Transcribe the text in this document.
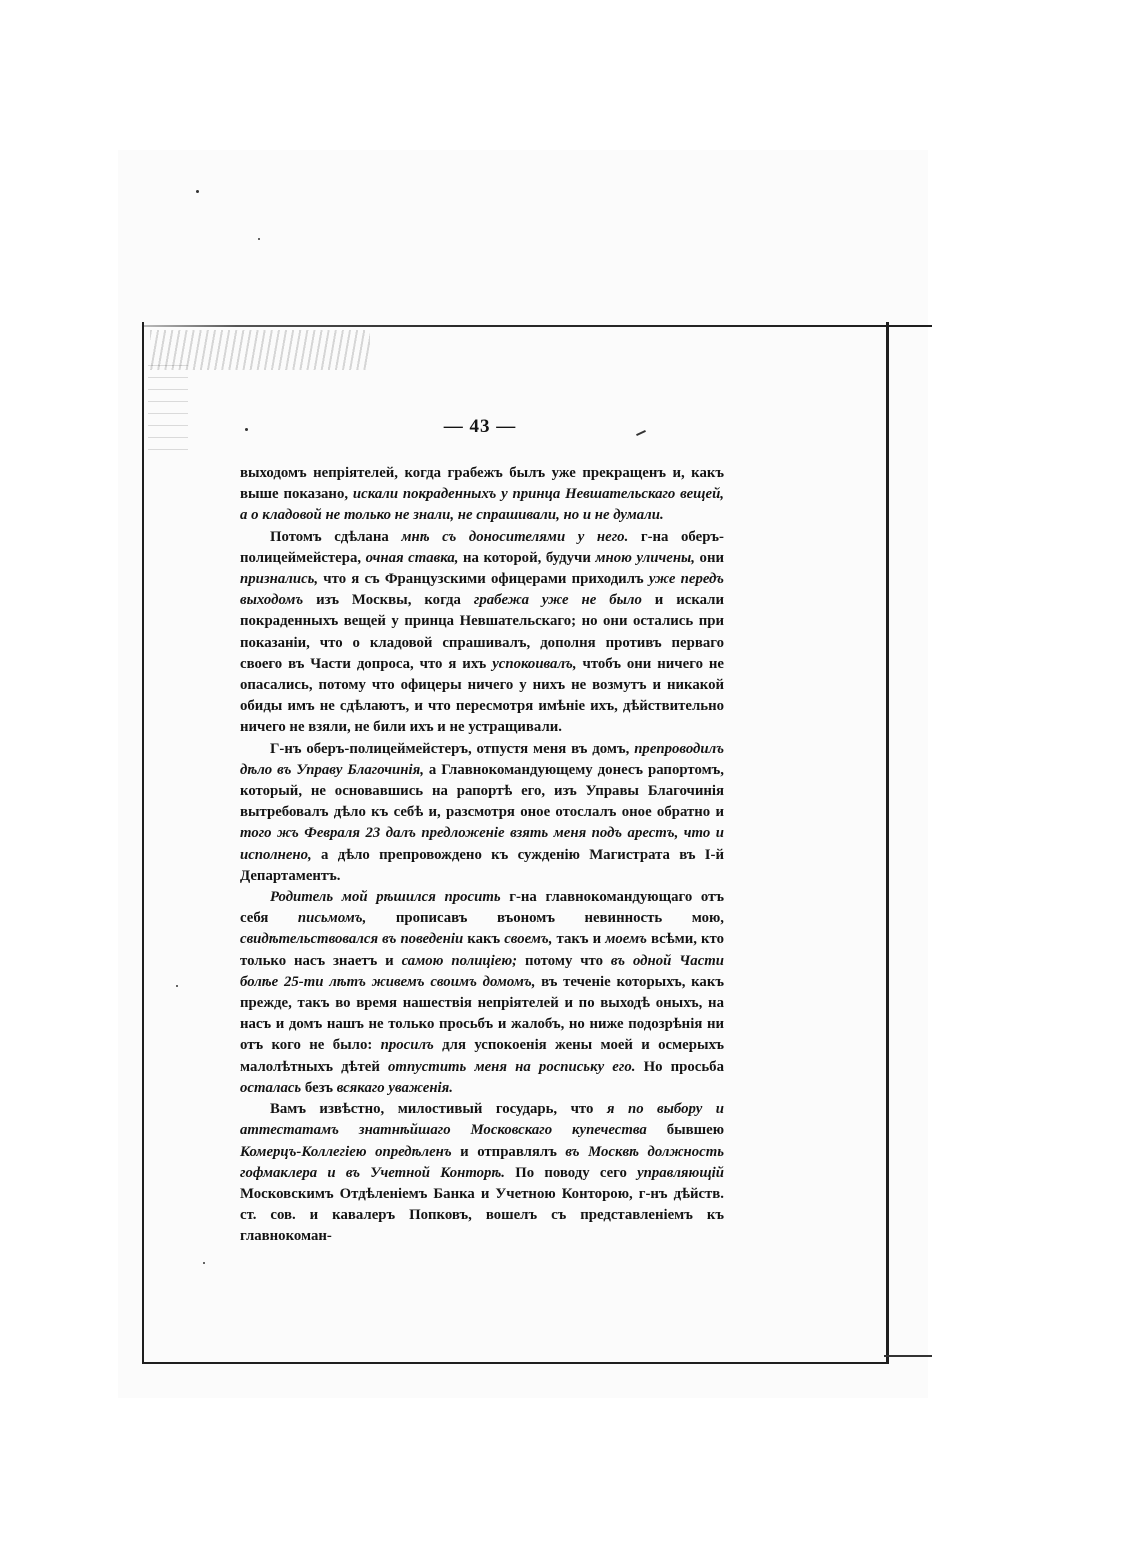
— 43 —

выходомъ непріятелей, когда грабежъ былъ уже прекращенъ и, какъ выше показано, искали покраденныхъ у принца Невшательскаго вещей, а о кладовой не только не знали, не спрашивали, но и не думали.

Потомъ сдѣлана мнѣ съ доносителями у него. г-на оберъ-полицеймейстера, очная ставка, на которой, будучи мною уличены, они признались, что я съ Французскими офицерами приходилъ уже передъ выходомъ изъ Москвы, когда грабежа уже не было и искали покраденныхъ вещей у принца Невшательскаго; но они остались при показаніи, что о кладовой спрашивалъ, дополня противъ перваго своего въ Части допроса, что я ихъ успокоивалъ, чтобъ они ничего не опасались, потому что офицеры ничего у нихъ не возмутъ и никакой обиды имъ не сдѣлаютъ, и что пересмотря имѣніе ихъ, дѣйствительно ничего не взяли, не били ихъ и не устращивали.

Г-нъ оберъ-полицеймейстеръ, отпустя меня въ домъ, препроводилъ дѣло въ Управу Благочинія, а Главнокомандующему донесъ рапортомъ, который, не основавшись на рапортѣ его, изъ Управы Благочинія вытребовалъ дѣло къ себѣ и, разсмотря оное отослалъ оное обратно и того жъ Февраля 23 далъ предложеніе взять меня подъ арестъ, что и исполнено, а дѣло препровождено къ сужденію Магистрата въ I-й Департаментъ.

Родитель мой рѣшился просить г-на главнокомандующаго отъ себя письмомъ, прописавъ въономъ невинность мою, свидѣтельствовался въ поведеніи какъ своемъ, такъ и моемъ всѣми, кто только насъ знаетъ и самою полиціею; потому что въ одной Части болѣе 25-ти лѣтъ живемъ своимъ домомъ, въ теченіе которыхъ, какъ прежде, такъ во время нашествія непріятелей и по выходѣ оныхъ, на насъ и домъ нашъ не только просьбъ и жалобъ, но ниже подозрѣнія ни отъ кого не было: просилъ для успокоенія жены моей и осмерыхъ малолѣтныхъ дѣтей отпустить меня на роспиську его. Но просьба осталась безъ всякаго уваженія.

Вамъ извѣстно, милостивый государь, что я по выбору и аттестатамъ знатнѣйшаго Московскаго купечества бывшею Комерцъ-Коллегіею опредѣленъ и отправлялъ въ Москвѣ должность гофмаклера и въ Учетной Конторѣ. По поводу сего управляющій Московскимъ Отдѣленіемъ Банка и Учетною Конторою, г-нъ дѣйств. ст. сов. и кавалеръ Попковъ, вошелъ съ представленіемъ къ главнокоман-
